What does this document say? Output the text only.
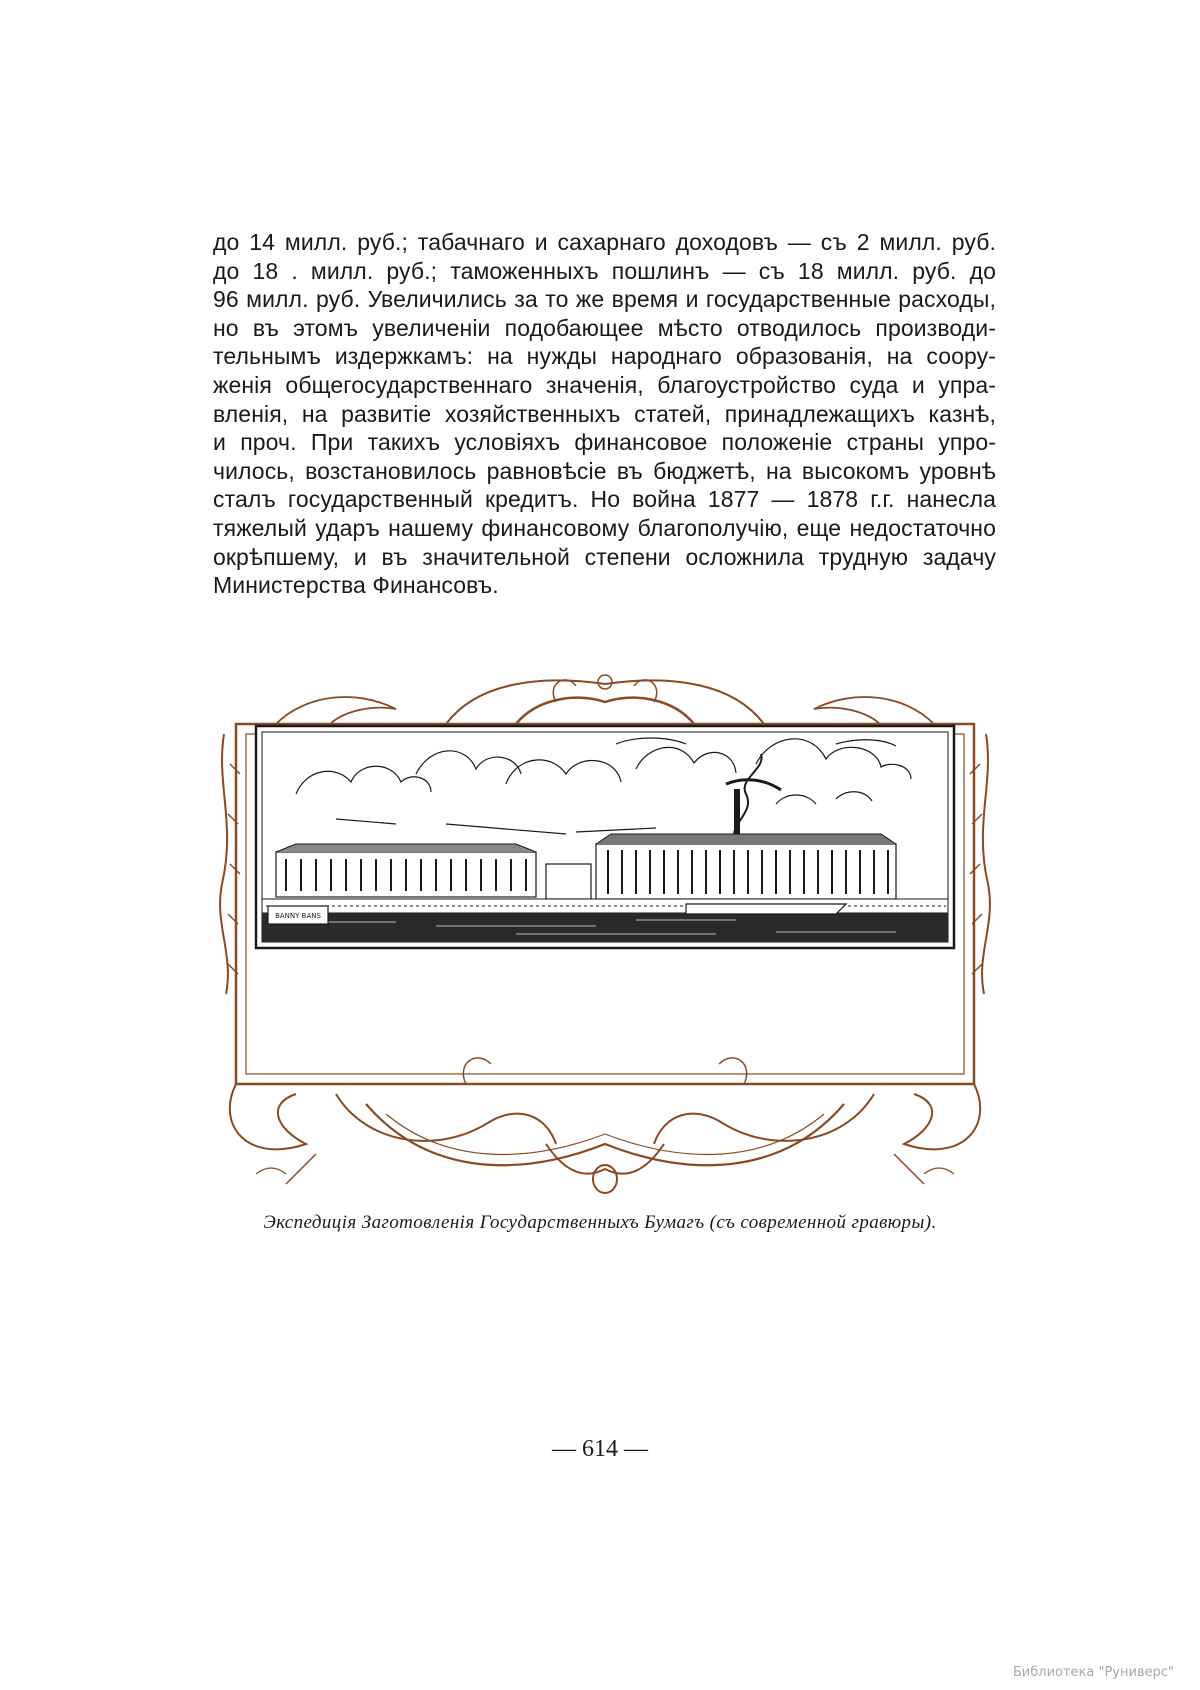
до 14 милл. руб.; табачнаго и сахарнаго доходовъ — съ 2 милл. руб.
до 18 . милл. руб.; таможенныхъ пошлинъ — съ 18 милл. руб. до
96 милл. руб. Увеличились за то же время и государственные расходы,
но въ этомъ увеличеніи подобающее мѣсто отводилось производи-
тельнымъ издержкамъ: на нужды народнаго образованія, на соору-
женія общегосударственнаго значенія, благоустройство суда и упра-
вленія, на развитіе хозяйственныхъ статей, принадлежащихъ казнѣ,
и проч. При такихъ условіяхъ финансовое положеніе страны упро-
чилось, возстановилось равновѣсіе въ бюджетѣ, на высокомъ уровнѣ
сталъ государственный кредитъ. Но война 1877 — 1878 г.г. нанесла
тяжелый ударъ нашему финансовому благополучію, еще недостаточно
окрѣпшему, и въ значительной степени осложнила трудную задачу
Министерства Финансовъ.
BANNY BANS
Экспедиція Заготовленія Государственныхъ Бумагъ (съ современной гравюры).
— 614 —
Библиотека "Руниверс"
